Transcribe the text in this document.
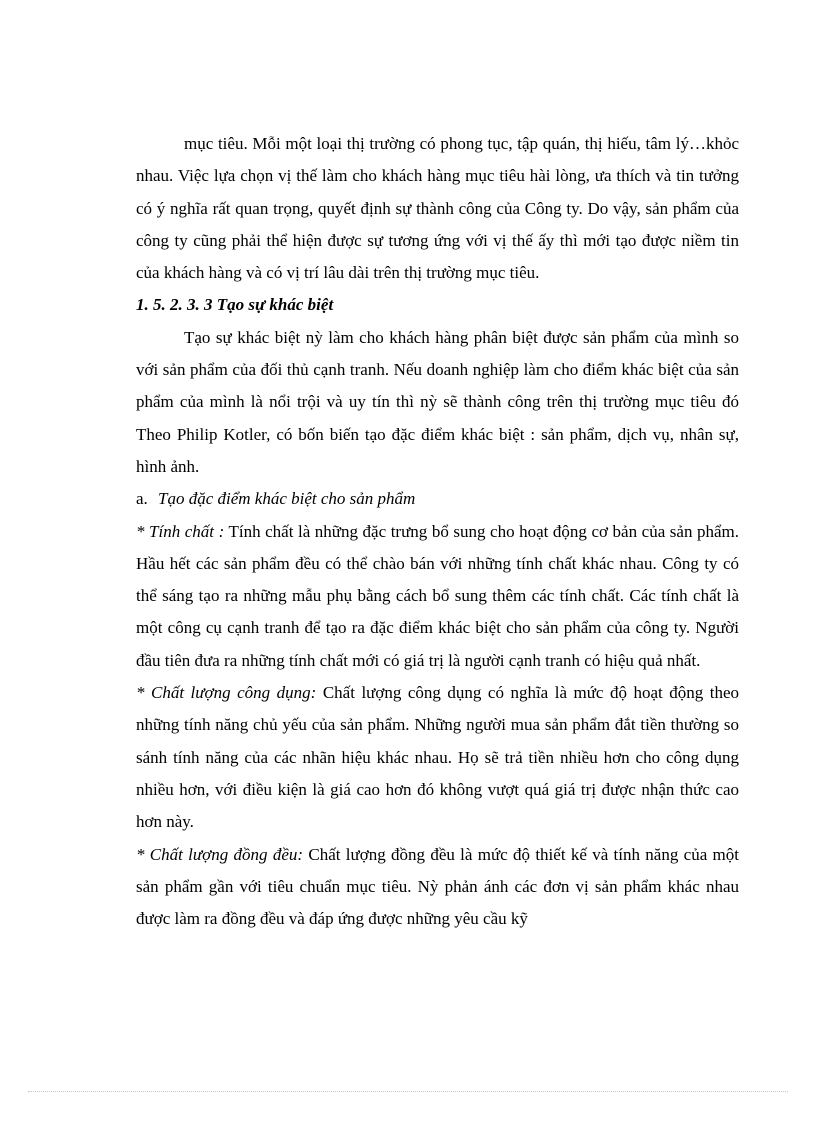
mục tiêu. Mỗi một loại thị trường có phong tục, tập quán, thị hiếu, tâm lý…khỏc nhau. Việc lựa chọn vị thế làm cho khách hàng mục tiêu hài lòng, ưa thích và tin tưởng có ý nghĩa rất quan trọng, quyết định sự thành công của Công ty. Do vậy, sản phẩm của công ty cũng phải thể hiện được sự tương ứng với vị thế ấy thì mới tạo được niềm tin của khách hàng và có vị trí lâu dài trên thị trường mục tiêu.

1. 5. 2. 3. 3 Tạo sự khác biệt

Tạo sự khác biệt nỳ làm cho khách hàng phân biệt được sản phẩm của mình so với sản phẩm của đối thủ cạnh tranh. Nếu doanh nghiệp làm cho điểm khác biệt của sản phẩm của mình là nổi trội và uy tín thì nỳ sẽ thành công trên thị trường mục tiêu đó Theo Philip Kotler, có bốn biến tạo đặc điểm khác biệt : sản phẩm, dịch vụ, nhân sự, hình ảnh.

a. Tạo đặc điểm khác biệt cho sản phẩm

* Tính chất : Tính chất là những đặc trưng bổ sung cho hoạt động cơ bản của sản phẩm. Hầu hết các sản phẩm đều có thể chào bán với những tính chất khác nhau. Công ty có thể sáng tạo ra những mẫu phụ bằng cách bổ sung thêm các tính chất. Các tính chất là một công cụ cạnh tranh để tạo ra đặc điểm khác biệt cho sản phẩm của công ty. Người đầu tiên đưa ra những tính chất mới có giá trị là người cạnh tranh có hiệu quả nhất.

* Chất lượng công dụng: Chất lượng công dụng có nghĩa là mức độ hoạt động theo những tính năng chủ yếu của sản phẩm. Những người mua sản phẩm đắt tiền thường so sánh tính năng của các nhãn hiệu khác nhau. Họ sẽ trả tiền nhiều hơn cho công dụng nhiều hơn, với điều kiện là giá cao hơn đó không vượt quá giá trị được nhận thức cao hơn này.

* Chất lượng đồng đều: Chất lượng đồng đều là mức độ thiết kế và tính năng của một sản phẩm gần với tiêu chuẩn mục tiêu. Nỳ phản ánh các đơn vị sản phẩm khác nhau được làm ra đồng đều và đáp ứng được những yêu cầu kỹ
